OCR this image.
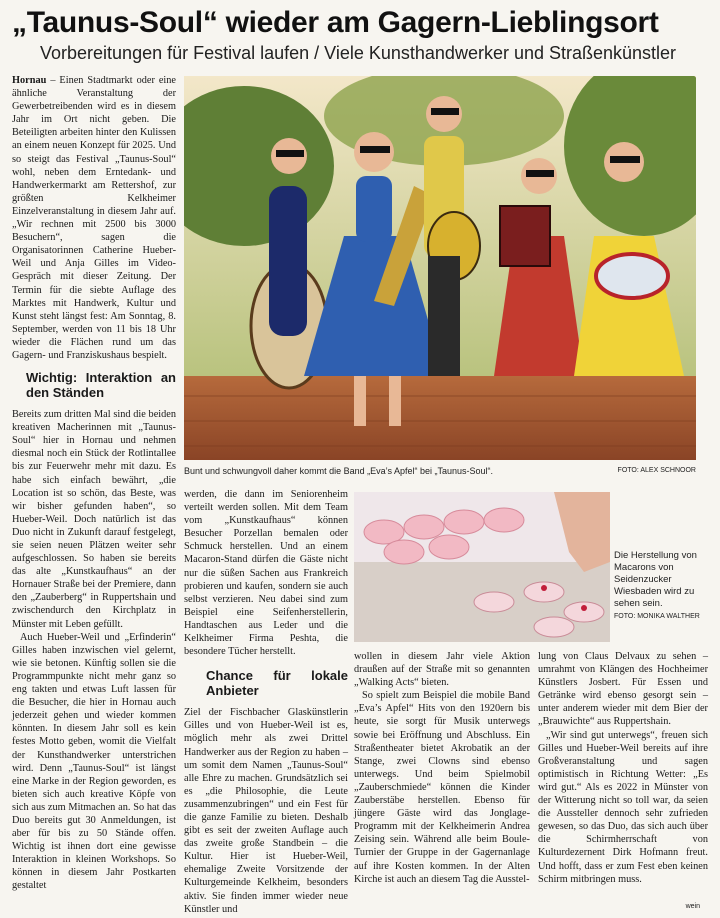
„Taunus-Soul“ wieder am Gagern-Lieblingsort
Vorbereitungen für Festival laufen / Viele Kunsthandwerker und Straßenkünstler

Hornau – Einen Stadtmarkt oder eine ähnliche Veranstaltung der Gewerbetreibenden wird es in diesem Jahr im Ort nicht geben. Die Beteiligten arbeiten hinter den Kulissen an einem neuen Konzept für 2025. Und so steigt das Festival „Taunus-Soul“ wohl, neben dem Erntedank- und Handwerkermarkt am Rettershof, zur größten Kelkheimer Einzelveranstaltung in diesem Jahr auf. „Wir rechnen mit 2500 bis 3000 Besuchern“, sagen die Organisatorinnen Catherine Hueber-Weil und Anja Gilles im Video-Gespräch mit dieser Zeitung. Der Termin für die siebte Auflage des Marktes mit Handwerk, Kultur und Kunst steht längst fest: Am Sonntag, 8. September, werden von 11 bis 18 Uhr wieder die Flächen rund um das Gagern- und Franziskushaus bespielt.

Wichtig: Interaktion an den Ständen

Bereits zum dritten Mal sind die beiden kreativen Macherinnen mit „Taunus-Soul“ hier in Hornau und nehmen diesmal noch ein Stück der Rotlintallee bis zur Feuerwehr mehr mit dazu. Es habe sich einfach bewährt, „die Location ist so schön, das Beste, was wir bisher gefunden haben“, so Hueber-Weil. Doch natürlich ist das Duo nicht in Zukunft darauf festgelegt, sie seien neuen Plätzen weiter sehr aufgeschlossen. So haben sie bereits das alte „Kunstkaufhaus“ an der Hornauer Straße bei der Premiere, dann den „Zauberberg“ in Ruppertshain und zwischendurch den Kirchplatz in Münster mit Leben gefüllt.

Auch Hueber-Weil und „Erfinderin“ Gilles haben inzwischen viel gelernt, wie sie betonen. Künftig sollen sie die Programmpunkte nicht mehr ganz so eng takten und etwas Luft lassen für die Besucher, die hier in Hornau auch jederzeit gehen und wieder kommen könnten. In diesem Jahr soll es kein festes Motto geben, womit die Vielfalt der Kunsthandwerker unterstrichen wird. Denn „Taunus-Soul“ ist längst eine Marke in der Region geworden, es bieten sich auch kreative Köpfe von sich aus zum Mitmachen an. So hat das Duo bereits gut 30 Anmeldungen, ist aber für bis zu 50 Stände offen. Wichtig ist ihnen dort eine gewisse Interaktion in kleinen Workshops. So können in diesem Jahr Postkarten gestaltet

Bunt und schwungvoll daher kommt die Band „Eva’s Apfel“ bei „Taunus-Soul“.	FOTO: ALEX SCHNOOR

werden, die dann im Seniorenheim verteilt werden sollen. Mit dem Team vom „Kunstkaufhaus“ können Besucher Porzellan bemalen oder Schmuck herstellen. Und an einem Macaron-Stand dürfen die Gäste nicht nur die süßen Sachen aus Frankreich probieren und kaufen, sondern sie auch selbst verzieren. Neu dabei sind zum Beispiel eine Seifenherstellerin, Handtaschen aus Leder und die Kelkheimer Firma Peshta, die besondere Tücher herstellt.

Chance für lokale Anbieter

Ziel der Fischbacher Glaskünstlerin Gilles und von Hueber-Weil ist es, möglich mehr als zwei Drittel Handwerker aus der Region zu haben – um somit dem Namen „Taunus-Soul“ alle Ehre zu machen. Grundsätzlich sei es „die Philosophie, die Leute zusammenzubringen“ und ein Fest für die ganze Familie zu bieten. Deshalb gibt es seit der zweiten Auflage auch das zweite große Standbein – die Kultur. Hier ist Hueber-Weil, ehemalige Zweite Vorsitzende der Kulturgemeinde Kelkheim, besonders aktiv. Sie finden immer wieder neue Künstler und

Die Herstellung von Macarons von Seidenzucker Wiesbaden wird zu sehen sein.
FOTO: MONIKA WALTHER

wollen in diesem Jahr viele Aktion draußen auf der Straße mit so genannten „Walking Acts“ bieten.

So spielt zum Beispiel die mobile Band „Eva’s Apfel“ Hits von den 1920ern bis heute, sie sorgt für Musik unterwegs sowie bei Eröffnung und Abschluss. Ein Straßentheater bietet Akrobatik an der Stange, zwei Clowns sind ebenso unterwegs. Und beim Spielmobil „Zauberschmiede“ können die Kinder Zauberstäbe herstellen. Ebenso für jüngere Gäste wird das Jonglage-Programm mit der Kelkheimerin Andrea Zeising sein. Während alle beim Boule-Turnier der Gruppe in der Gagernanlage auf ihre Kosten kommen. In der Alten Kirche ist auch an diesem Tag die Ausstel-

lung von Claus Delvaux zu sehen – umrahmt von Klängen des Hochheimer Künstlers Josbert. Für Essen und Getränke wird ebenso gesorgt sein – unter anderem wieder mit dem Bier der „Brauwichte“ aus Ruppertshain.

„Wir sind gut unterwegs“, freuen sich Gilles und Hueber-Weil bereits auf ihre Großveranstaltung und sagen optimistisch in Richtung Wetter: „Es wird gut.“ Als es 2022 in Münster von der Witterung nicht so toll war, da seien die Aussteller dennoch sehr zufrieden gewesen, so das Duo, das sich auch über die Schirmherrschaft von Kulturdezernent Dirk Hofmann freut. Und hofft, dass er zum Fest eben keinen Schirm mitbringen muss.

wein
